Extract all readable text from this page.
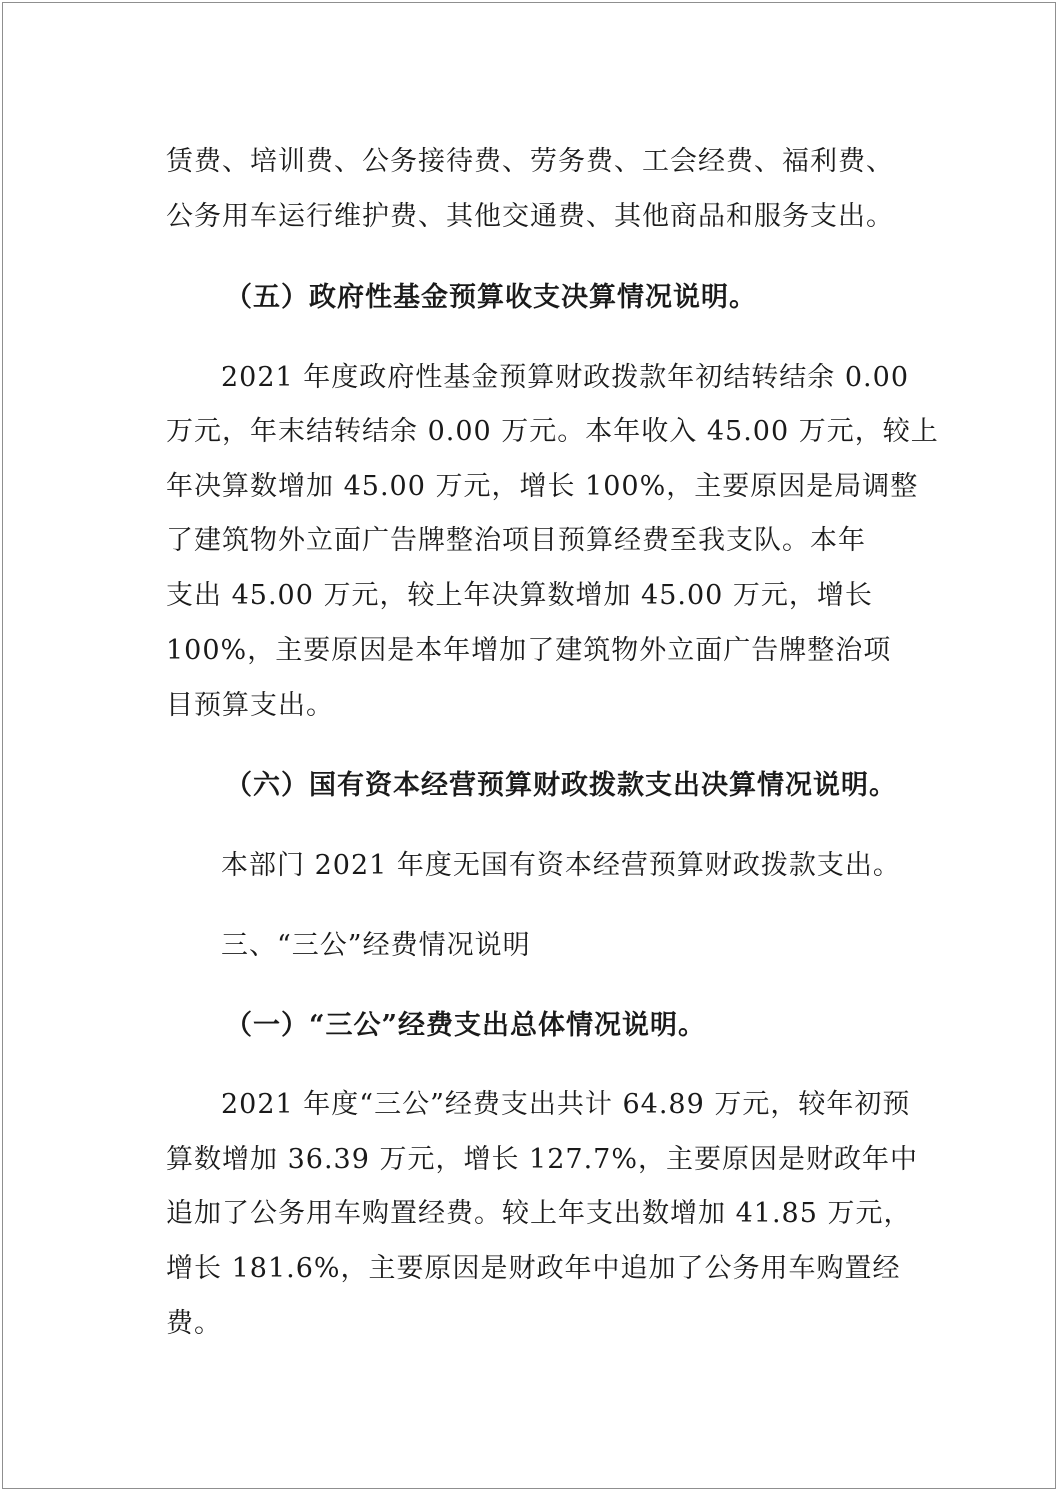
赁费、培训费、公务接待费、劳务费、工会经费、福利费、

公务用车运行维护费、其他交通费、其他商品和服务支出。

（五）政府性基金预算收支决算情况说明。

2021 年度政府性基金预算财政拨款年初结转结余 0.00

万元，年末结转结余 0.00 万元。本年收入 45.00 万元，较上

年决算数增加 45.00 万元，增长 100%，主要原因是局调整

了建筑物外立面广告牌整治项目预算经费至我支队。本年

支出 45.00 万元，较上年决算数增加 45.00 万元，增长

100%，主要原因是本年增加了建筑物外立面广告牌整治项

目预算支出。

（六）国有资本经营预算财政拨款支出决算情况说明。

本部门 2021 年度无国有资本经营预算财政拨款支出。

三、“三公”经费情况说明

（一）“三公”经费支出总体情况说明。

2021 年度“三公”经费支出共计 64.89 万元，较年初预

算数增加 36.39 万元，增长 127.7%，主要原因是财政年中

追加了公务用车购置经费。较上年支出数增加 41.85 万元，

增长 181.6%，主要原因是财政年中追加了公务用车购置经

费。
